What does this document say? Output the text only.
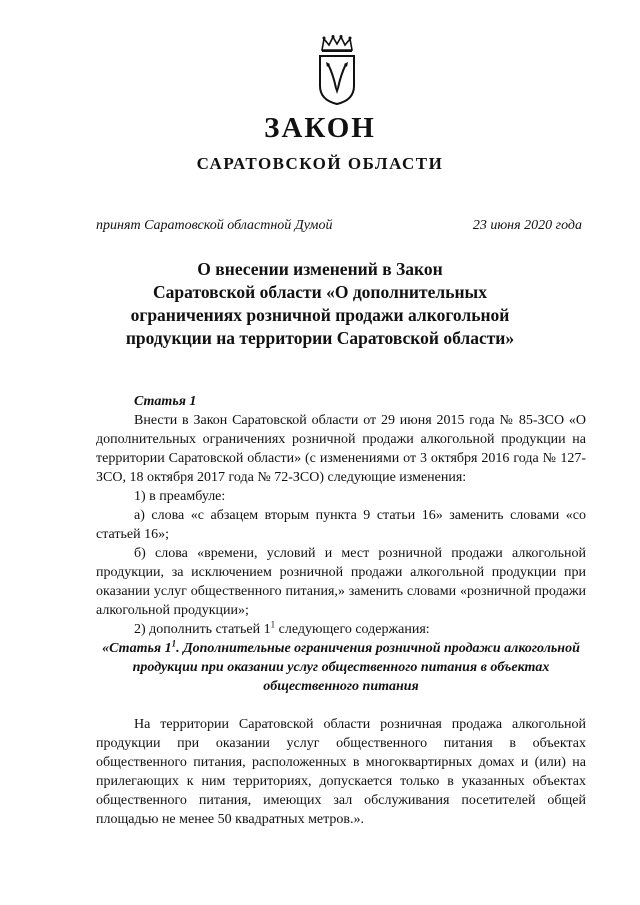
ЗАКОН
САРАТОВСКОЙ ОБЛАСТИ
принят Саратовской областной Думой	23 июня 2020 года
О внесении изменений в Закон
Саратовской области «О дополнительных
ограничениях розничной продажи алкогольной
продукции на территории Саратовской области»

Статья 1

Внести в Закон Саратовской области от 29 июня 2015 года № 85-ЗСО «О дополнительных ограничениях розничной продажи алкогольной продукции на территории Саратовской области» (с изменениями от 3 октября 2016 года № 127-ЗСО, 18 октября 2017 года № 72-ЗСО) следующие изменения:

1) в преамбуле:

а) слова «с абзацем вторым пункта 9 статьи 16» заменить словами «со статьей 16»;

б) слова «времени, условий и мест розничной продажи алкогольной продукции, за исключением розничной продажи алкогольной продукции при оказании услуг общественного питания,» заменить словами «розничной продажи алкогольной продукции»;

2) дополнить статьей $1^1$ следующего содержания:

«Статья $1^1$. Дополнительные ограничения розничной продажи алкогольной продукции при оказании услуг общественного питания в объектах общественного питания

На территории Саратовской области розничная продажа алкогольной продукции при оказании услуг общественного питания в объектах общественного питания, расположенных в многоквартирных домах и (или) на прилегающих к ним территориях, допускается только в указанных объектах общественного питания, имеющих зал обслуживания посетителей общей площадью не менее 50 квадратных метров.».
